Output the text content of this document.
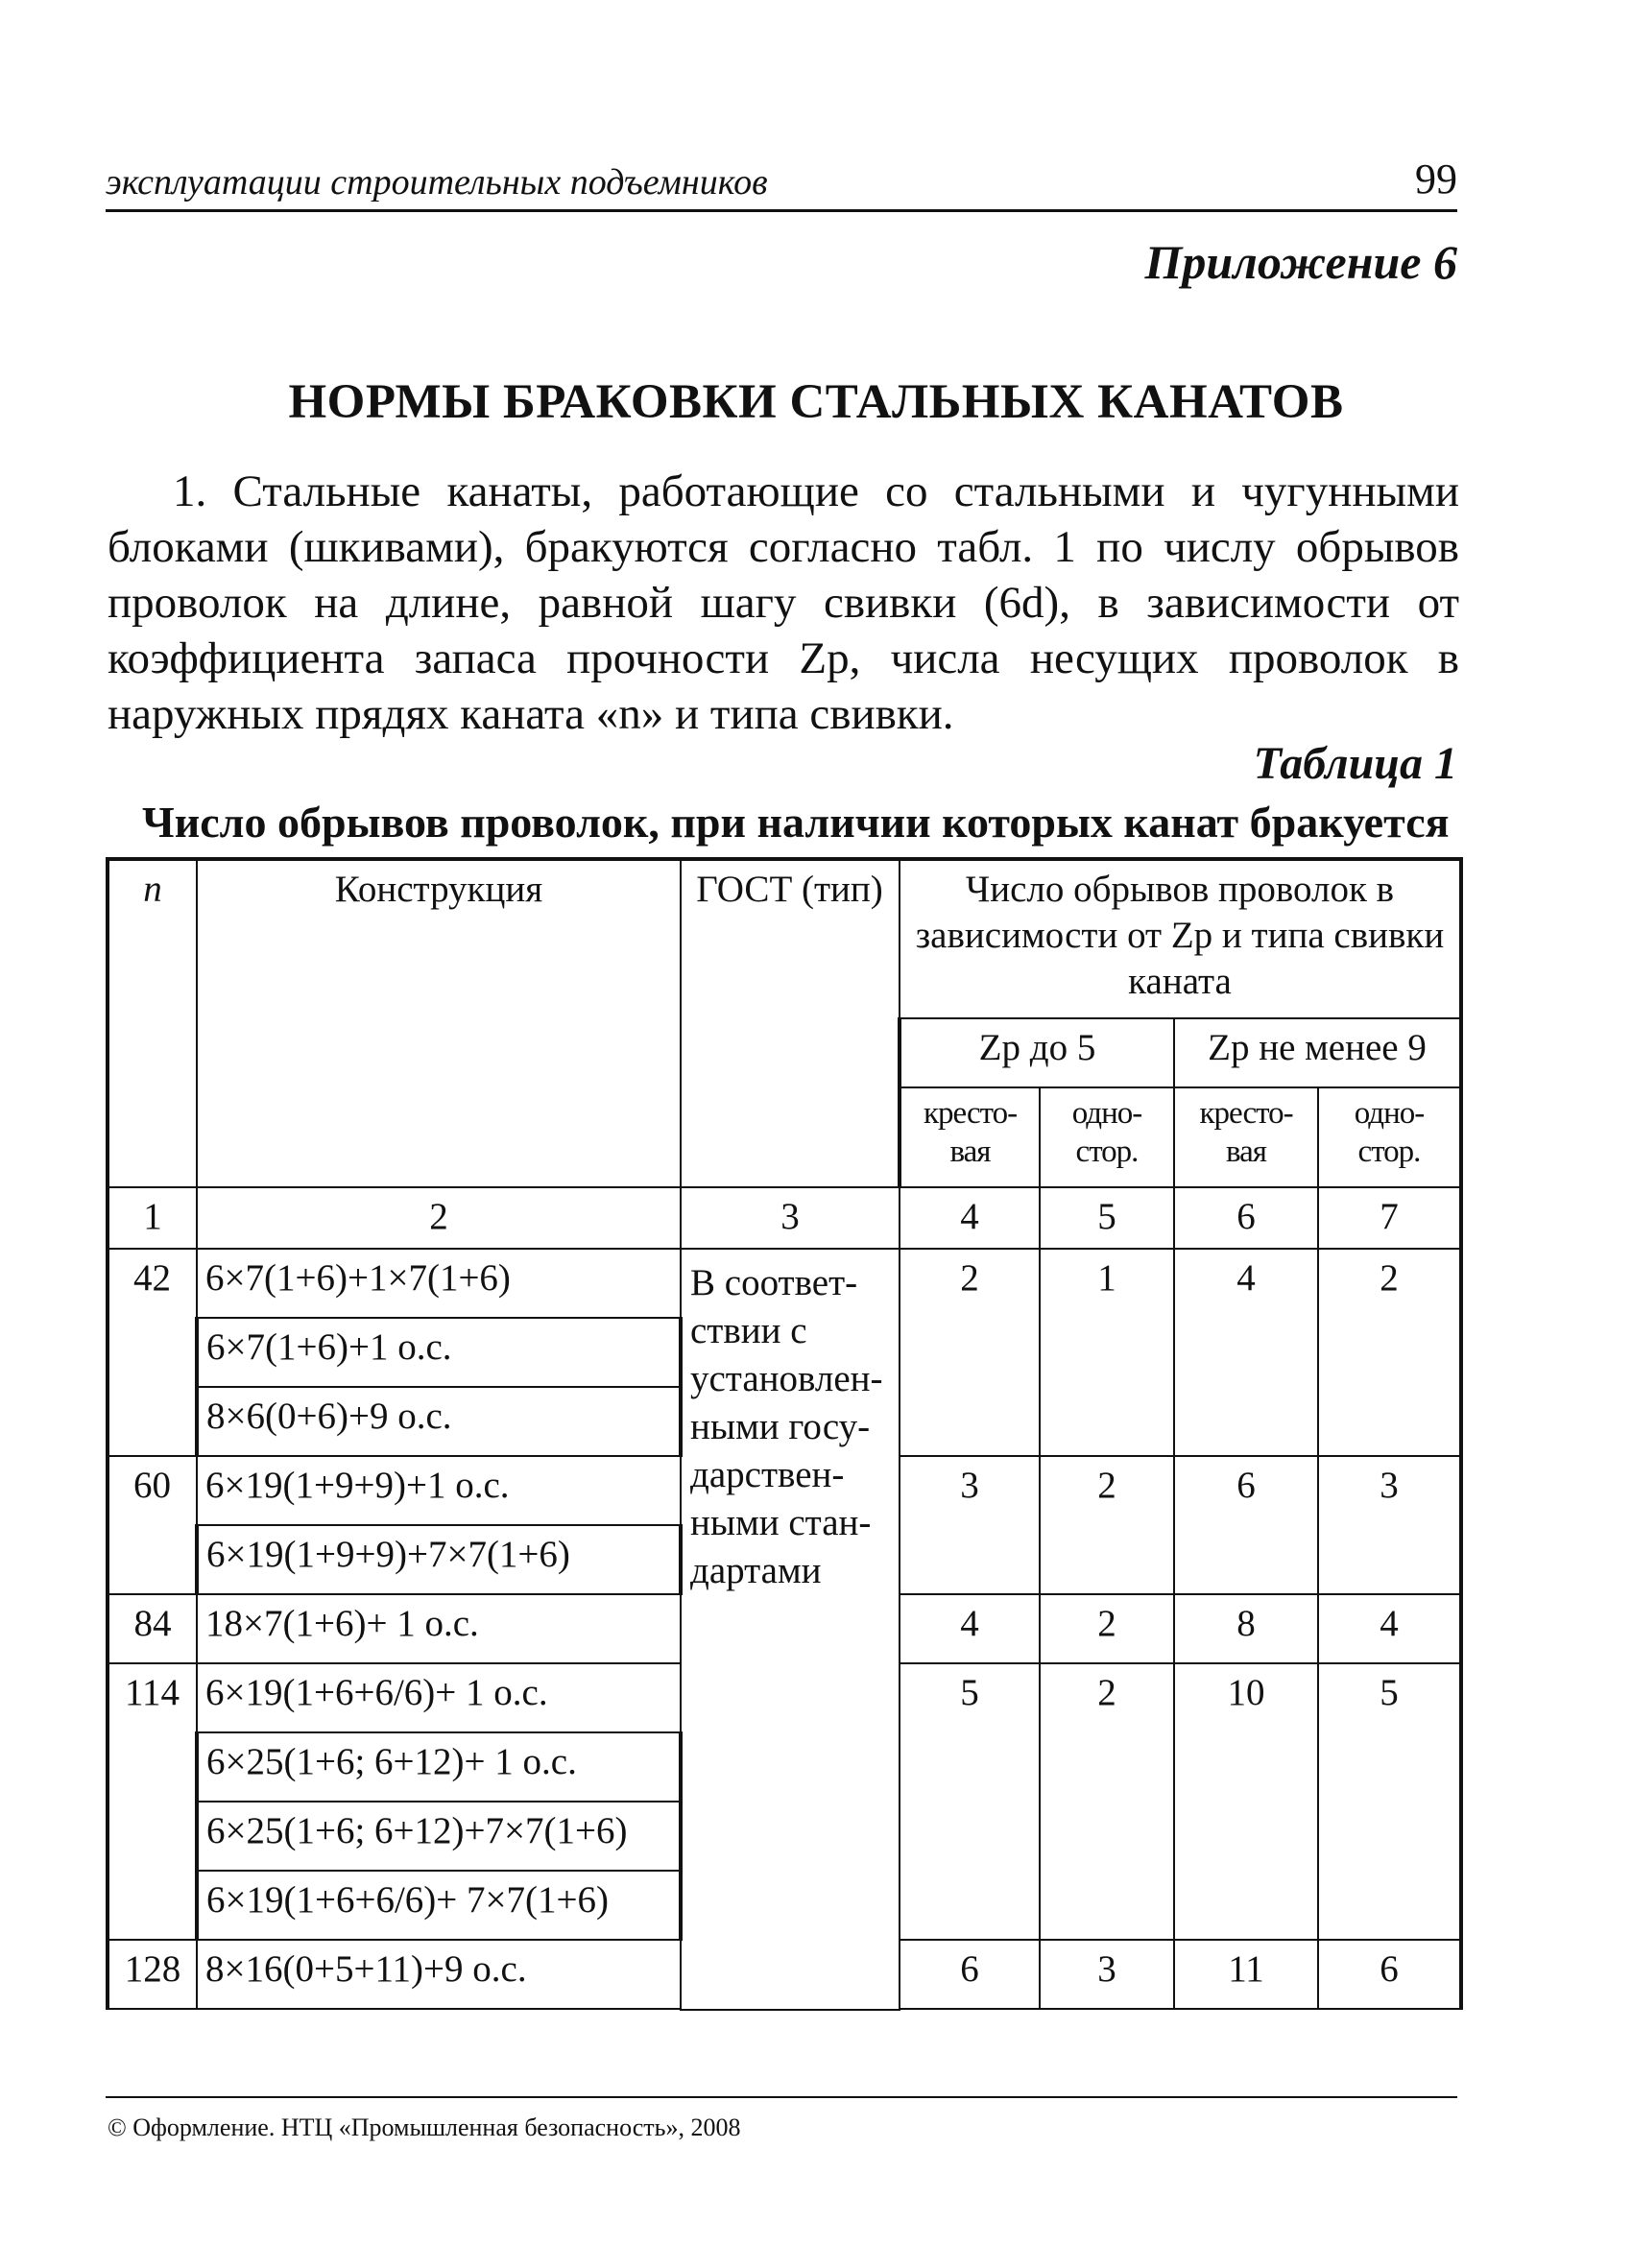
эксплуатации строительных подъемников	99
Приложение 6
НОРМЫ БРАКОВКИ СТАЛЬНЫХ КАНАТОВ

1. Стальные канаты, работающие со стальными и чугунными блоками (шкивами), бракуются согласно табл. 1 по числу обрывов проволок на длине, равной шагу свивки (6d), в зависимости от коэффициента запаса прочности Zp, числа несущих проволок в наружных прядях каната «n» и типа свивки.

Таблица 1
Число обрывов проволок, при наличии которых канат бракуется
n	Конструкция	ГОСТ (тип)	Число обрывов проволок в зависимости от Zp и типа свивки каната			
			Zp до 5		Zp не менее 9	
			кресто-вая	одно-стор.	кресто-вая	одно-стор.
1	2	3	4	5	6	7
42	6×7(1+6)+1×7(1+6)	В соответ-ствии с установлен-ными госу-дарствен-ными стан-дартами	2	1	4	2
	6×7(1+6)+1 о.с.					
	8×6(0+6)+9 о.с.					
60	6×19(1+9+9)+1 о.с.		3	2	6	3
	6×19(1+9+9)+7×7(1+6)					
84	18×7(1+6)+ 1 о.с.		4	2	8	4
114	6×19(1+6+6/6)+ 1 о.с.		5	2	10	5
	6×25(1+6; 6+12)+ 1 о.с.					
	6×25(1+6; 6+12)+7×7(1+6)					
	6×19(1+6+6/6)+ 7×7(1+6)					
128	8×16(0+5+11)+9 о.с.		6	3	11	6

© Оформление. НТЦ «Промышленная безопасность», 2008
